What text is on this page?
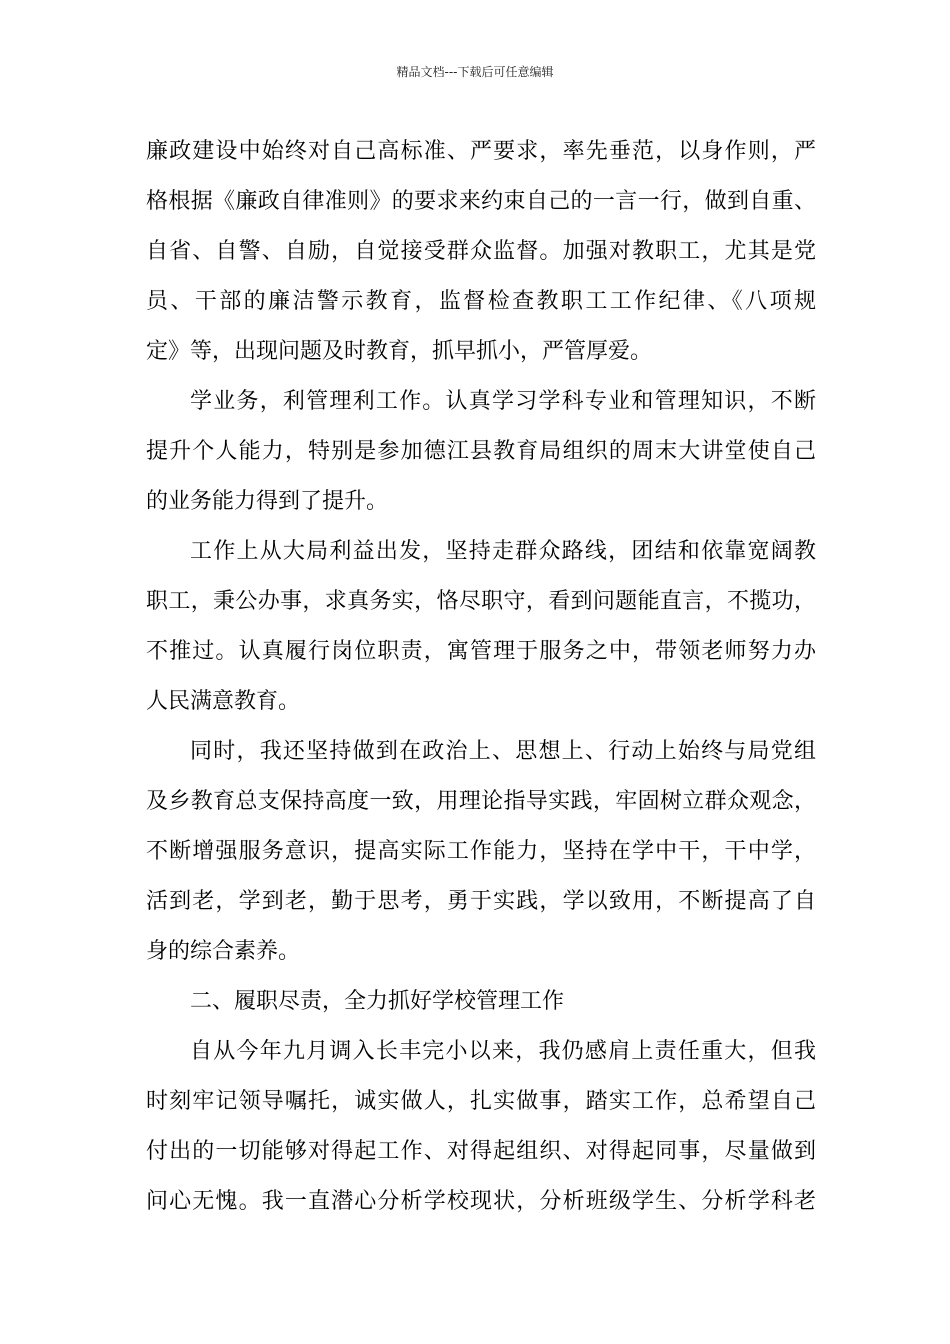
精品文档---下载后可任意编辑
廉政建设中始终对自己高标准、严要求，率先垂范，以身作则，严
格根据《廉政自律准则》的要求来约束自己的一言一行，做到自重、
自省、自警、自励，自觉接受群众监督。加强对教职工，尤其是党
员、干部的廉洁警示教育，监督检查教职工工作纪律、《八项规
定》等，出现问题及时教育，抓早抓小，严管厚爱。
学业务，利管理利工作。认真学习学科专业和管理知识，不断
提升个人能力，特别是参加德江县教育局组织的周末大讲堂使自己
的业务能力得到了提升。
工作上从大局利益出发，坚持走群众路线，团结和依靠宽阔教
职工，秉公办事，求真务实，恪尽职守，看到问题能直言，不揽功，
不推过。认真履行岗位职责，寓管理于服务之中，带领老师努力办
人民满意教育。
同时，我还坚持做到在政治上、思想上、行动上始终与局党组
及乡教育总支保持高度一致，用理论指导实践，牢固树立群众观念，
不断增强服务意识，提高实际工作能力，坚持在学中干，干中学，
活到老，学到老，勤于思考，勇于实践，学以致用，不断提高了自
身的综合素养。
二、履职尽责，全力抓好学校管理工作
自从今年九月调入长丰完小以来，我仍感肩上责任重大，但我
时刻牢记领导嘱托，诚实做人，扎实做事，踏实工作，总希望自己
付出的一切能够对得起工作、对得起组织、对得起同事，尽量做到
问心无愧。我一直潜心分析学校现状，分析班级学生、分析学科老
